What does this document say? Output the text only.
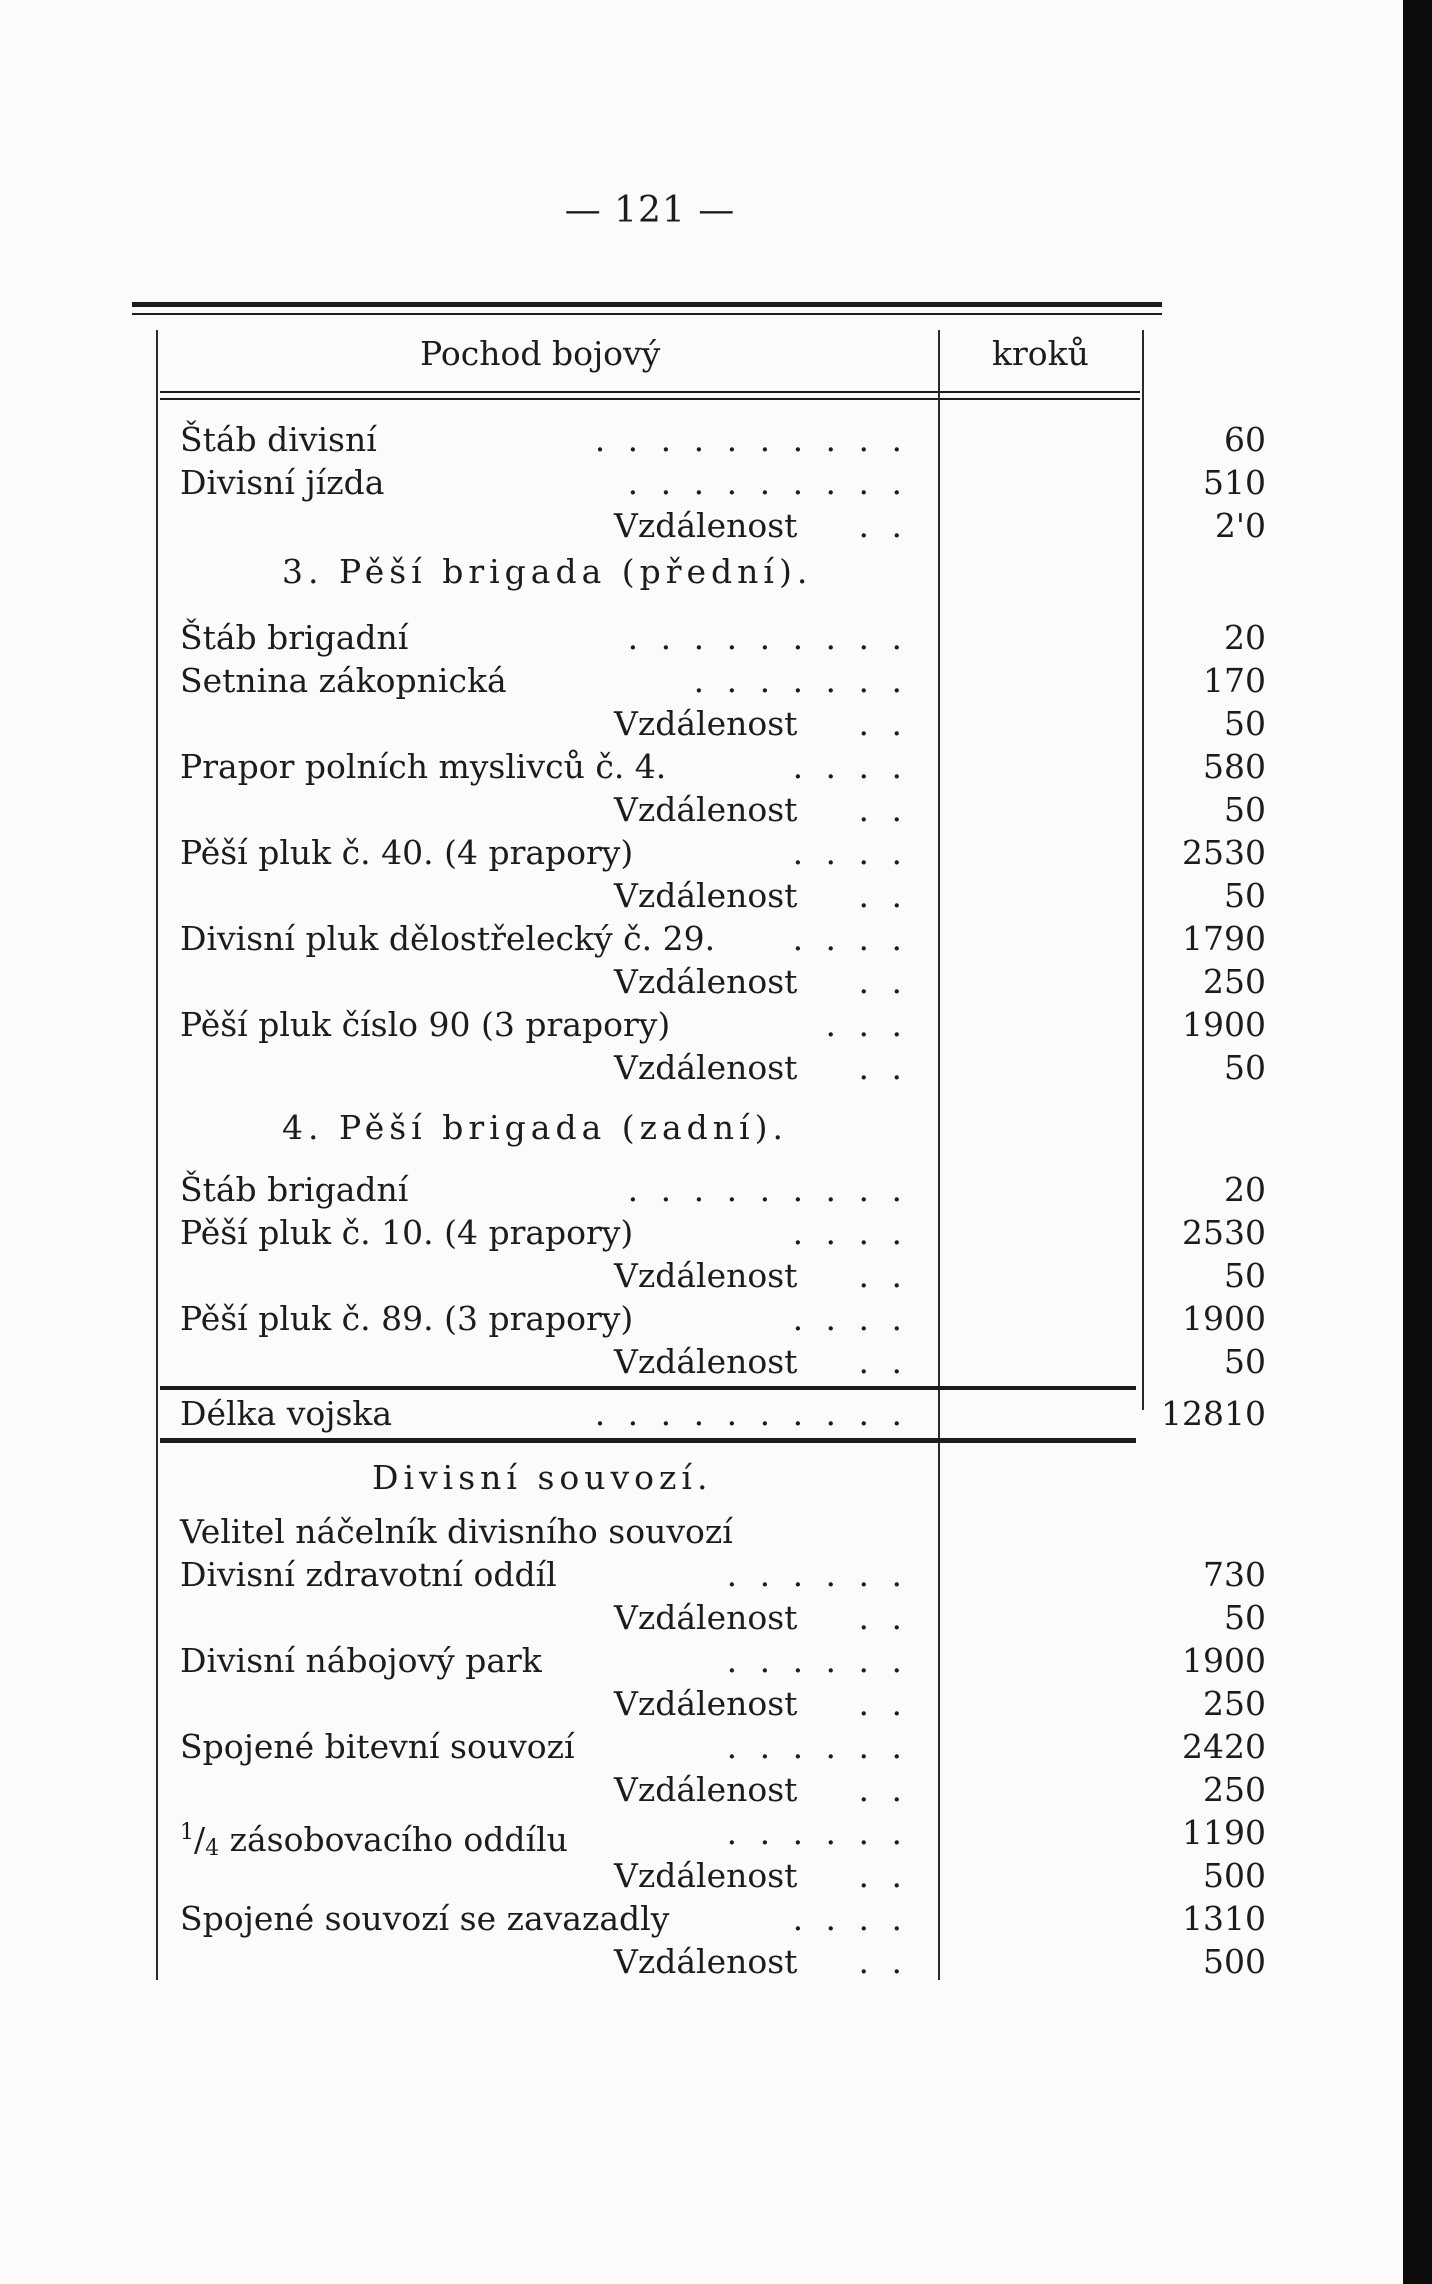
— 121 —
Pochod bojový	kroků
Štáb divisní	. . . . . . . . . .	60
Divisní jízda	. . . . . . . . .	510
Vzdálenost	. .	2'0
3. Pěší brigada (přední).
Štáb brigadní	. . . . . . . . .	20
Setnina zákopnická	. . . . . . .	170
Vzdálenost	. .	50
Prapor polních myslivců č. 4.	. . . .	580
Vzdálenost	. .	50
Pěší pluk č. 40. (4 prapory)	. . . .	2530
Vzdálenost	. .	50
Divisní pluk dělostřelecký č. 29.	. . . .	1790
Vzdálenost	. .	250
Pěší pluk číslo 90 (3 prapory)	. . .	1900
Vzdálenost	. .	50
4. Pěší brigada (zadní).
Štáb brigadní	. . . . . . . . .	20
Pěší pluk č. 10. (4 prapory)	. . . .	2530
Vzdálenost	. .	50
Pěší pluk č. 89. (3 prapory)	. . . .	1900
Vzdálenost	. .	50
Délka vojska	. . . . . . . . . .	12810
Divisní souvozí.
Velitel náčelník divisního souvozí
Divisní zdravotní oddíl	. . . . . .	730
Vzdálenost	. .	50
Divisní nábojový park	. . . . . .	1900
Vzdálenost	. .	250
Spojené bitevní souvozí	. . . . . .	2420
Vzdálenost	. .	250
$^1$/4 zásobovacího oddílu	. . . . . .	1190
Vzdálenost	. .	500
Spojené souvozí se zavazadly	. . . .	1310
Vzdálenost	. .	500
